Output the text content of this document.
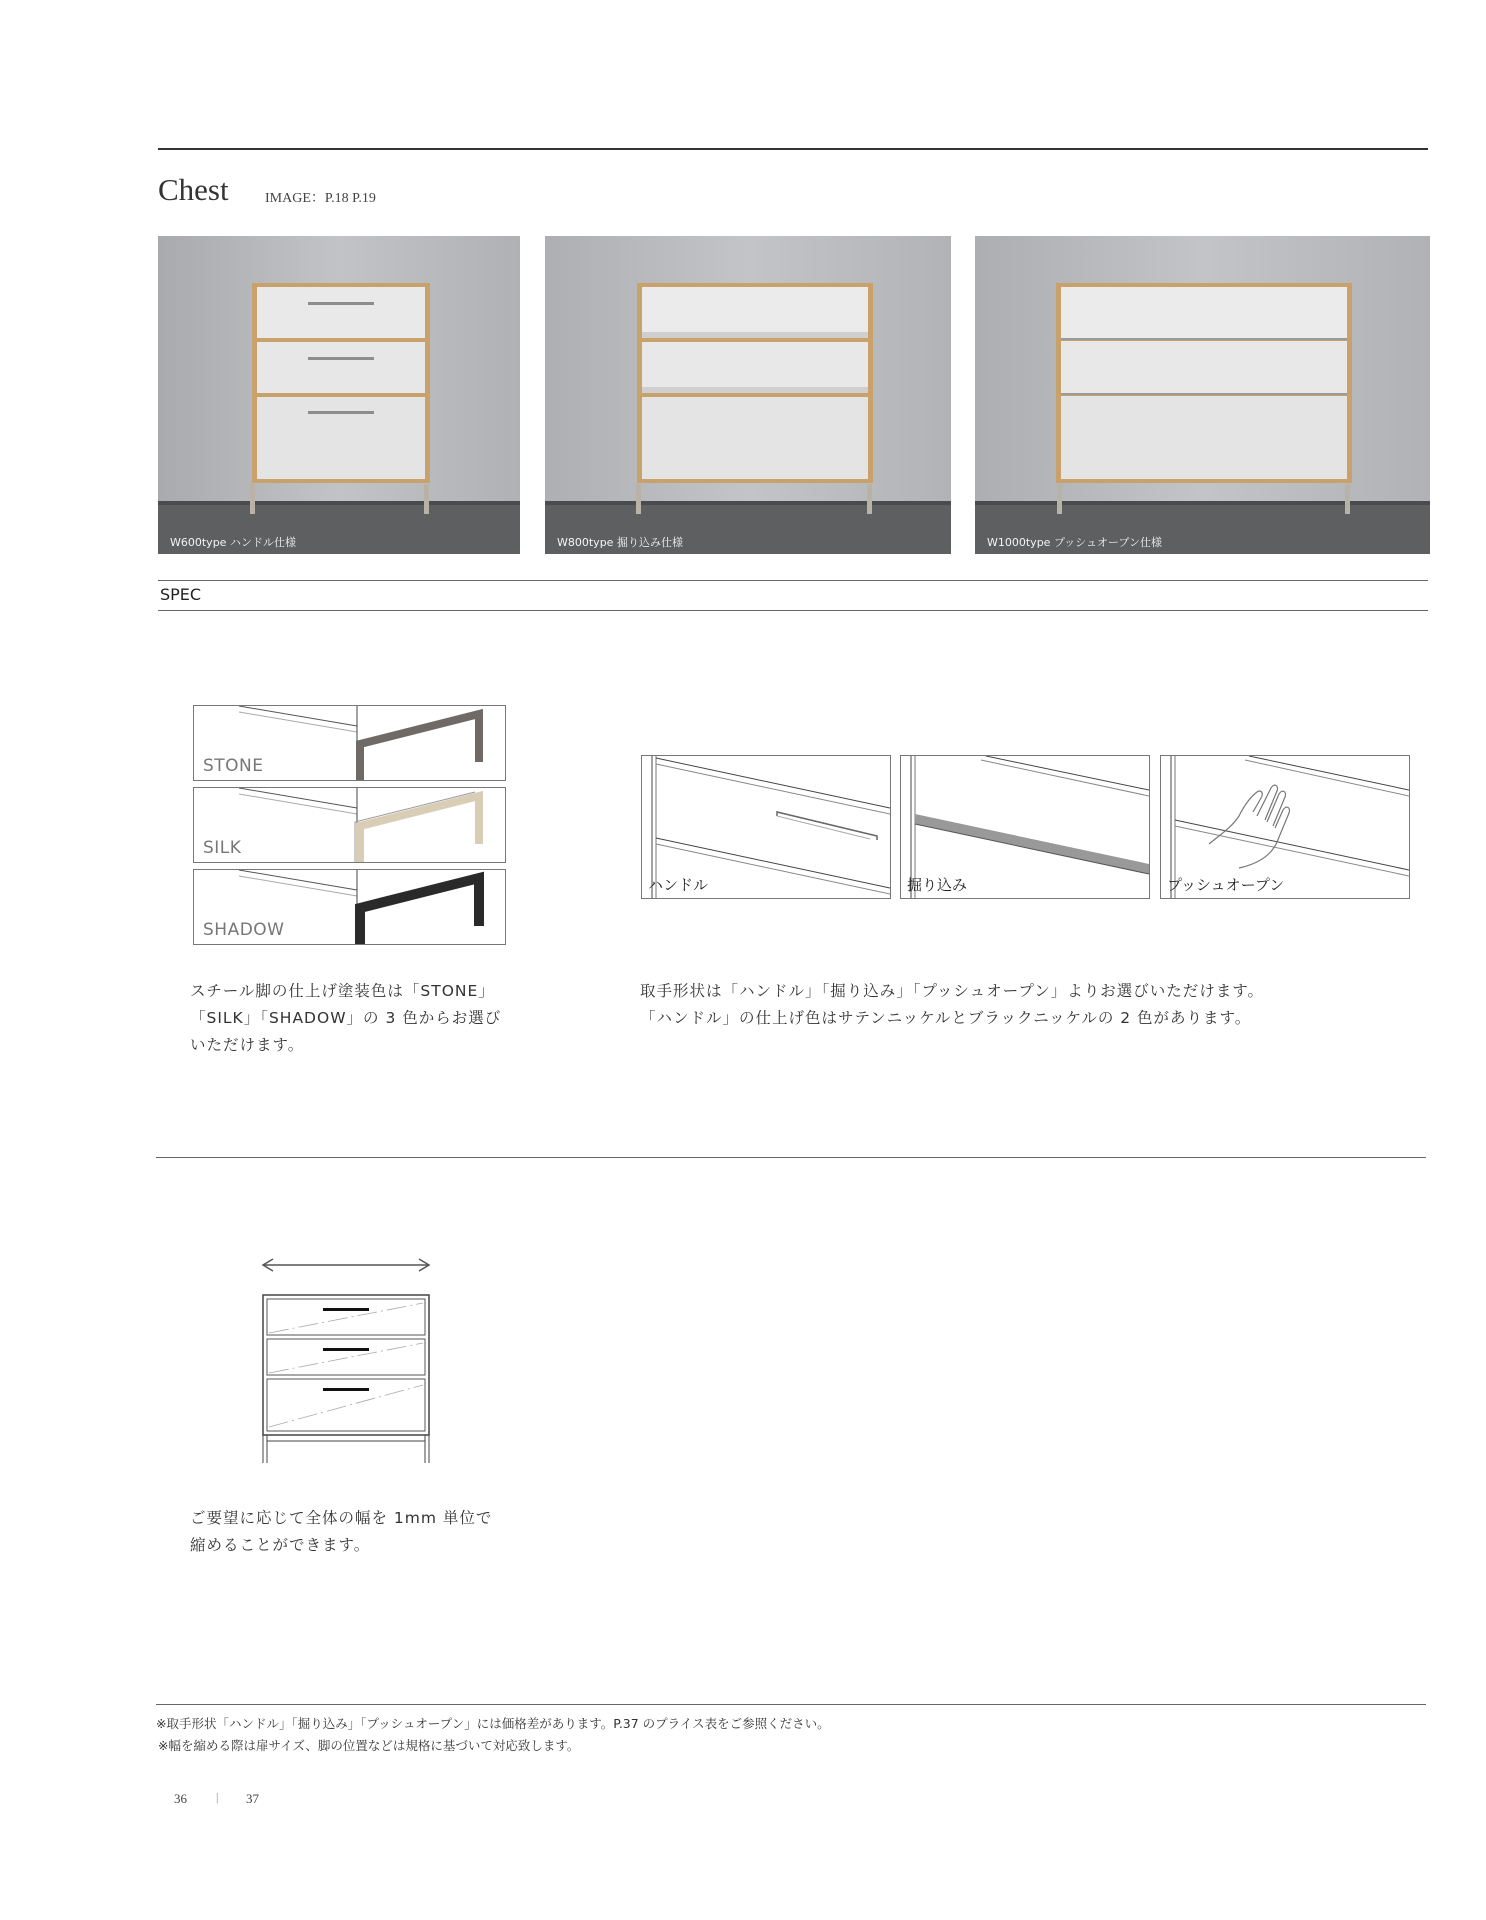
Chest	IMAGE：P.18 P.19
W600type ハンドル仕様	W800type 掘り込み仕様	W1000type プッシュオープン仕様
SPEC
STONE
SILK
SHADOW
スチール脚の仕上げ塗装色は「STONE」
「SILK」「SHADOW」の 3 色からお選び
いただけます。
ハンドル	掘り込み	プッシュオープン
取手形状は「ハンドル」「掘り込み」「プッシュオープン」よりお選びいただけます。
「ハンドル」の仕上げ色はサテンニッケルとブラックニッケルの 2 色があります。
ご要望に応じて全体の幅を 1mm 単位で
縮めることができます。
※取手形状「ハンドル」「掘り込み」「プッシュオープン」には価格差があります。P.37 のプライス表をご参照ください。
※幅を縮める際は扉サイズ、脚の位置などは規格に基づいて対応致します。
36 | 37
